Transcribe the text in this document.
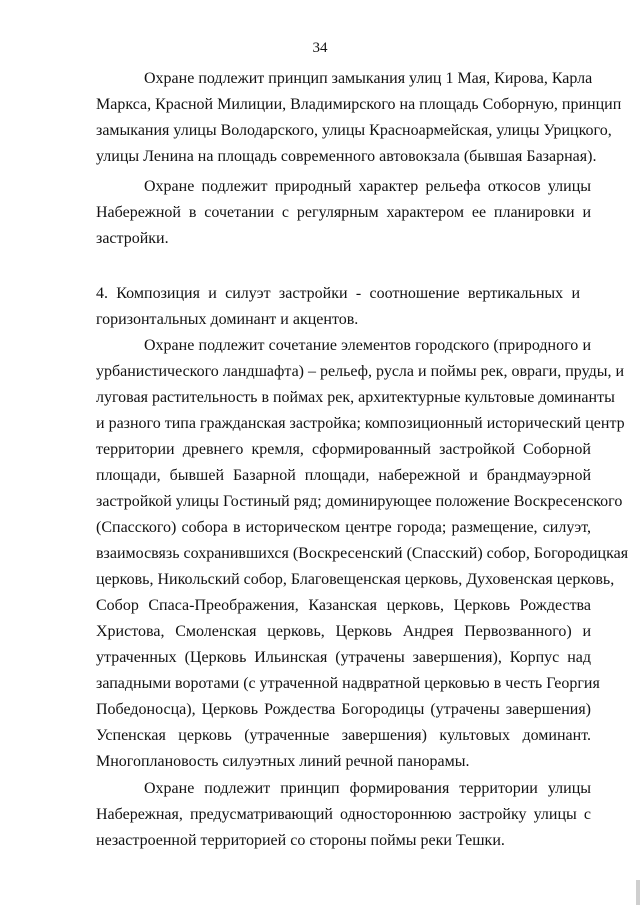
34
Охране подлежит принцип замыкания улиц 1 Мая, Кирова, Карла
Маркса, Красной Милиции, Владимирского на площадь Соборную, принцип
замыкания улицы Володарского, улицы Красноармейская, улицы Урицкого,
улицы Ленина на площадь современного автовокзала (бывшая Базарная).
Охране подлежит природный характер рельефа откосов улицы
Набережной в сочетании с регулярным характером ее планировки и
застройки.
4. Композиция и силуэт застройки - соотношение вертикальных и
горизонтальных доминант и акцентов.
Охране подлежит сочетание элементов городского (природного и
урбанистического ландшафта) – рельеф, русла и поймы рек, овраги, пруды, и
луговая растительность в поймах рек, архитектурные культовые доминанты
и разного типа гражданская застройка; композиционный исторический центр
территории древнего кремля, сформированный застройкой Соборной
площади, бывшей Базарной площади, набережной и брандмауэрной
застройкой улицы Гостиный ряд; доминирующее положение Воскресенского
(Спасского) собора в историческом центре города; размещение, силуэт,
взаимосвязь сохранившихся (Воскресенский (Спасский) собор, Богородицкая
церковь, Никольский собор, Благовещенская церковь, Духовенская церковь,
Собор Спаса-Преображения, Казанская церковь, Церковь Рождества
Христова, Смоленская церковь, Церковь Андрея Первозванного) и
утраченных (Церковь Ильинская (утрачены завершения), Корпус над
западными воротами (с утраченной надвратной церковью в честь Георгия
Победоносца), Церковь Рождества Богородицы (утрачены завершения)
Успенская церковь (утраченные завершения) культовых доминант.
Многоплановость силуэтных линий речной панорамы.
Охране подлежит принцип формирования территории улицы
Набережная, предусматривающий одностороннюю застройку улицы с
незастроенной территорией со стороны поймы реки Тешки.
